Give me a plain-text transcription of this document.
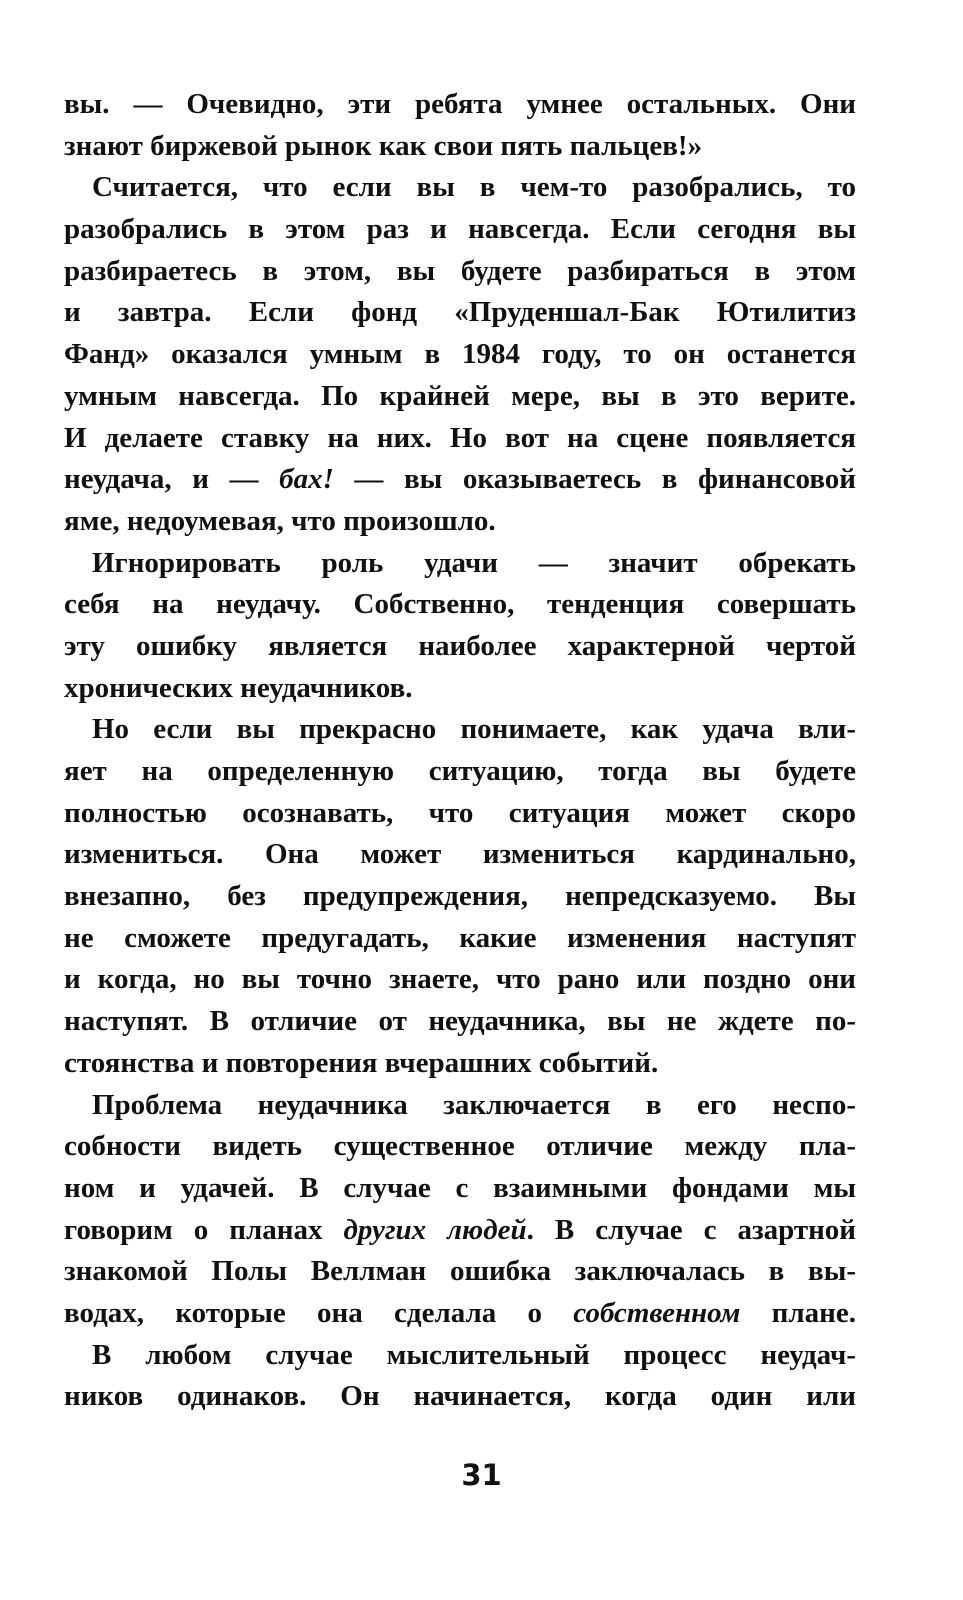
вы. — Очевидно, эти ребята умнее остальных. Они
знают биржевой рынок как свои пять пальцев!»
Считается, что если вы в чем-то разобрались, то
разобрались в этом раз и навсегда. Если сегодня вы
разбираетесь в этом, вы будете разбираться в этом
и завтра. Если фонд «Пруденшал-Бак Ютилитиз
Фанд» оказался умным в 1984 году, то он останется
умным навсегда. По крайней мере, вы в это верите.
И делаете ставку на них. Но вот на сцене появляется
неудача, и — бах! — вы оказываетесь в финансовой
яме, недоумевая, что произошло.
Игнорировать роль удачи — значит обрекать
себя на неудачу. Собственно, тенденция совершать
эту ошибку является наиболее характерной чертой
хронических неудачников.
Но если вы прекрасно понимаете, как удача вли-
яет на определенную ситуацию, тогда вы будете
полностью осознавать, что ситуация может скоро
измениться. Она может измениться кардинально,
внезапно, без предупреждения, непредсказуемо. Вы
не сможете предугадать, какие изменения наступят
и когда, но вы точно знаете, что рано или поздно они
наступят. В отличие от неудачника, вы не ждете по-
стоянства и повторения вчерашних событий.
Проблема неудачника заключается в его неспо-
собности видеть существенное отличие между пла-
ном и удачей. В случае с взаимными фондами мы
говорим о планах других людей. В случае с азартной
знакомой Полы Веллман ошибка заключалась в вы-
водах, которые она сделала о собственном плане.
В любом случае мыслительный процесс неудач-
ников одинаков. Он начинается, когда один или
31
